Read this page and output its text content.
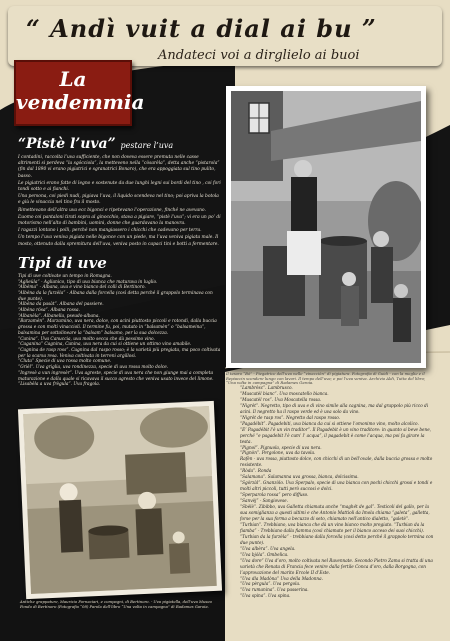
“ Andì vuit a dial ai bu ”
Andateci voi a dirglielo ai buoi
La vendemmia
“Pistè l’uva” pestare l’uva

I contadini, raccolta l’uva sufficiente, che non doveva essere premuta nelle casse altrimenti si perdeva “la sgócciola”, la metteveno nella “còsarèla”, detta anche “pistarola” (fin dal 1890 vi erano pigiatrici e sgranatrici Bonaro), che era appoggiata sul tino pulito, basso.

Le pigiatrici erano fatte di legno e sostenute da due lunghi legni sui bordi del tino , coi fori tondi sotto e ai fianchi.

Una persona, coi piedi nudi, pigiava l’uva, il liquido scendeva nel tino; poi apriva la botola e giù le vinaccia nel tino fra il mosto.

Rimettevano dell’altra uva ecc bigonci e ripetevano l’operazione, finché ne avevano.

L’uomo coi pantaloni tirati sopra al ginocchio, stava a pigiare, “pistè l’uva”; vi era un po’ di motorismo nell’alto di bambini, uomini, donne che guardavano la manovra.

I ragazzi lontano i polli, perché non mangiassero i chicchi che cadevano per terra.

Un tempo l’uva veniva pigiata nelle bigonce con un piede, ma l’uva veniva pigiata male. Il mosto, ottenuto dalla spremitura dell’uva, veniva posto in capaci tini e botti a fermentare.

Tipi di uve

Tipi di uve coltivate un tempo in Romagna.

“Aglieùla” - Aglianico, tipo di uva bianca che maturava in luglio.

“Albèma” - Albana, uva e vino bianco del colli di Bertinoro.

“Albèna da la furzèla” - Albana dalla forcella (così detta perché il grappolo terminava con due punte).

“Albèna da pasàt”. Albana del passiere.

“Albèna rósa”. Albana rossa.

“Albanèla”. Albanella, pseudo-albana.

“Barzamèn”. Marzamino, uva nera, dolce, con acini piuttosto piccoli e rotondi, dalla buccia grossa e con molti vinaccioli. Il termine fu, poi, mutato in “balsamèn” o “balsameina”, balsamina per sottolineare la “balsam” balsamo, per la sua dolcezza.

“Canina”. Uva Canuccia, uva molto secca che dà pessimo vino.

“Caganina” Cagnina, Canina, uva nera da cui si ottiene un ottimo vino amabile.

“Cagnina de rasp ross”. Cagnina dal raspo rosso; è la varietà più pregiata, ma poco coltivata per la scarsa resa. Veniva coltivata in terreni argillosi.

“Cluta” Specie di uva rossa molto comune.

“Grièl”. Uva griglia, uva rondinezza, specie di uva rossa molto dolce.

“Ingresè a vun ingresèr”. Uva agreste, specie di uva nera che non giunge mai a completa maturazione e dalla quale si ricavava il succo agresto che veniva usato invece del limone.

“Lisabèla a uva frègula”. Uva fragola.

Il tesoro “Bò” - Piegatrice dell’uva nelle “vinacciòn” di pigiatura. Fotografia di Guidi - con la moglie e il Repiaccin scendere lungo con lavori. Il tempo dell’uva; e poi l’uva veniva. Archivio Aldi, Tutta del libro; “Una volta in campagna” di Radames Garoia.

“Lambrèsc”. Lambrusco.

“Muscatèl bianc”. Uva moscatello bianca.

“Muscatèl ros”. Uva Moscatella rossa.

“Nigrèt”. Negretto, tipo di uva e di vino simile alla cagnina, ma dal grappolo più ricco di acini. Il negretto ha il raspo verde ed è uva solo da vino.

“Nigrèt de rasp ros”. Negretto dal raspo rosso.

“Pagadébit”. Pagadebiti, uva bianca da cui si ottiene l’omonimo vino, molto alcolico.

“E’ Pagadébit l’è un vin traditor”. Il Pagadebit è un vino traditore: in quanto si beve bene, perché “e pagadebit l’è cum’ l’ acqua”, il pagadebit è come l’acqua, ma poi fa girare la testa.

“Pignol”. Pignuola, specie di uva nera.

“Pignòn”. Pergolone, uva da tavola.

Rafèn - uva rossa, piuttosto dolce, con chicchi di un bell’ovale, dalla buccia grossa e molto resistente.

“Ròda”. Ronda

“Salamana”. Salamanna uva grossa, bianca, dolcissima.

“Sgòrzàl”. Gnanzòlo. Uva Sperpalo, specie di uva bianca con pochi chicchi grossi e tondi e molti altri piccoli, tutti però succosi e dolci.

“Sperparola rossa” pero diffuso.

“Sanvèj” - Sangiovese.

“Sbèlè”. Zibibbo, uva Galletta chiamata anche “maghét de gal”. Testicoli del gallo, per la sua somiglianza a questi ultimi e che Antonio Mattioli da Imola chiama “galeta”, galletta, forse per la sua forma a becuzzo di seto, chiamato nell’antico dialetto, “galetè”.

“Turbian”. Trebbiano, uva bianca che dà un vino bianco molto pregiato. “Turbian da la fiamba” - Trebbiano dalla fiamma (così chiamato per il bianco acceso dei suoi chicchi).

“Turbian da la furzèla” - trebbiano dalla forcella (così detto perché il grappolo termina con due punte).

“Uva albèra”. Uva angela.

“Uva bjòla”. Ombelica.

“Uva dore” Uva d’oro, molto coltivata nel Ravennate. Secondo Pietro Zama si tratta di una varietà che Renata di Francia fece venire dalla fertile Conca d’oro, dalla Borgogna, con l’approvazione del marito Ercole II d’Este.

“Uva dla Madòna” Uva della Madonna.

“Uva pèrgula”. Uva pergola.

“Uva rumanina”. Uva passerina.

“Uva spina”. Uva spina.

Antiche grappature, Maurizio Fornaciari, e compagni, di Bertinoro. - Uva pigiatella, dell’uva Museo Fondo di Bertinoro (Fotografia “08) Parola dell’libro “Una volta in campagna” di Radames Garoia.
